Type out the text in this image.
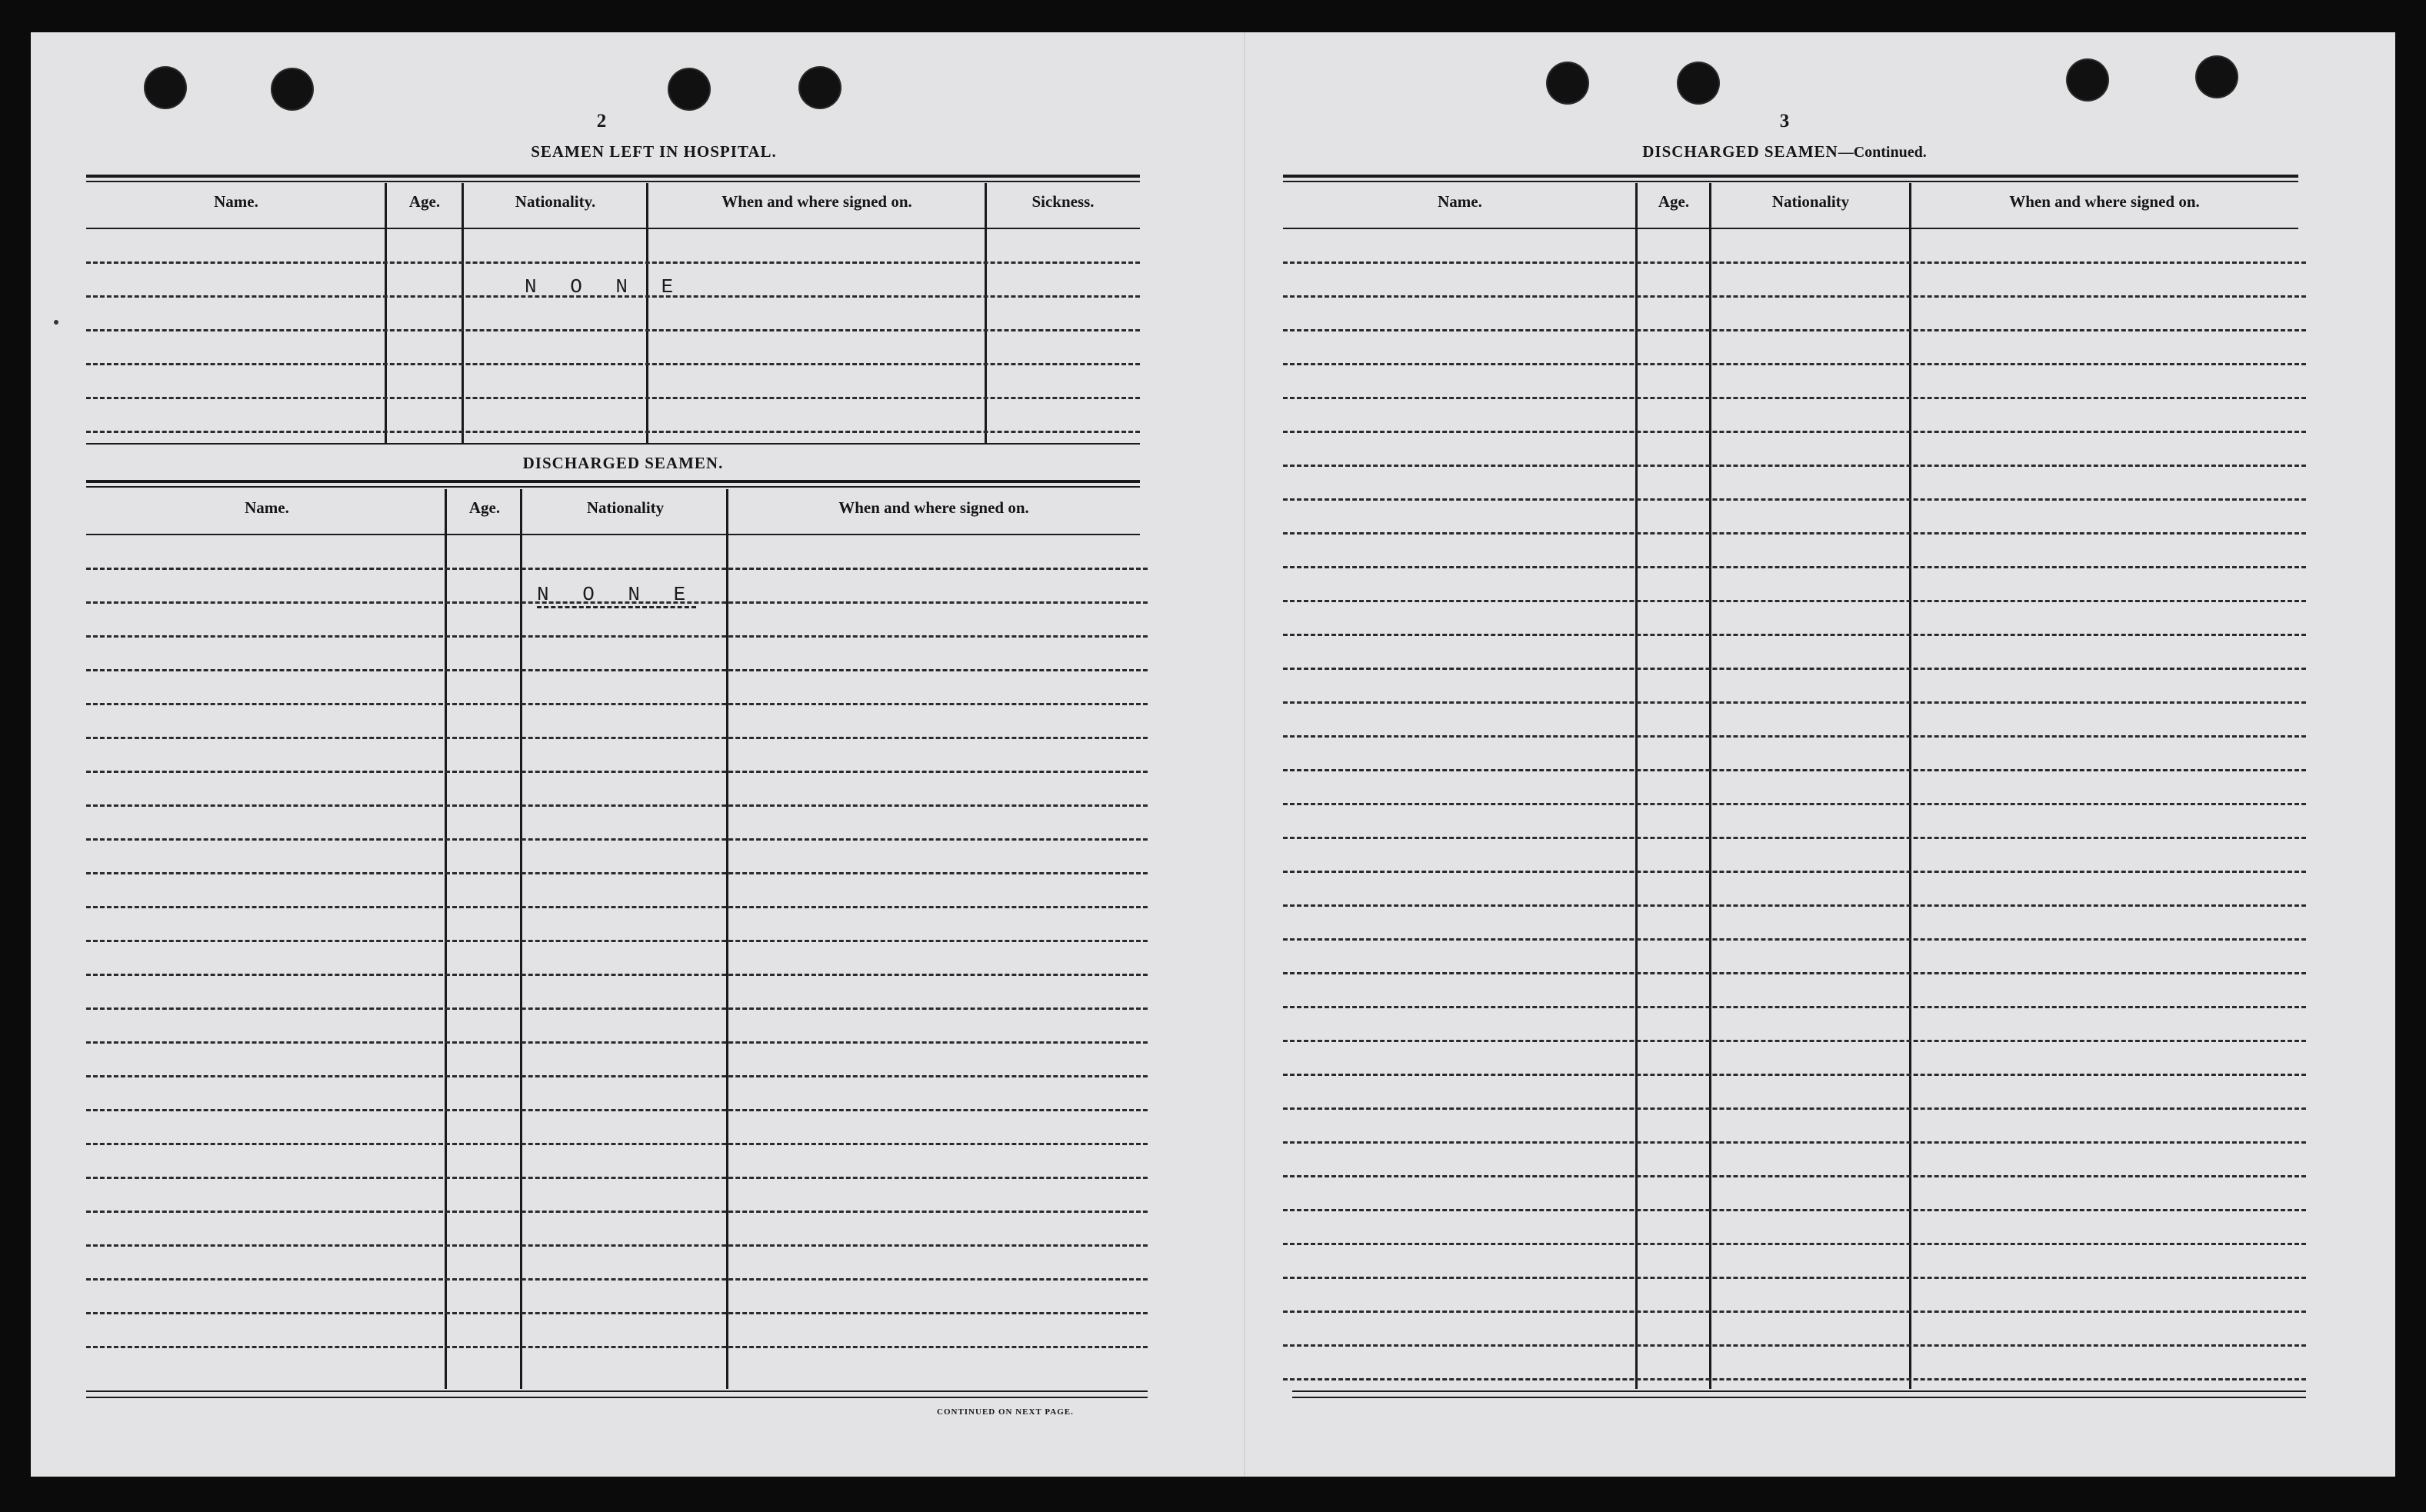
2
SEAMEN LEFT IN HOSPITAL.
Name.	Age.	Nationality.	When and where signed on.	Sickness.
N O N E
DISCHARGED SEAMEN.
Name.	Age.	Nationality	When and where signed on.
N O N E
CONTINUED ON NEXT PAGE.
3
DISCHARGED SEAMEN—Continued.
Name.	Age.	Nationality	When and where signed on.
